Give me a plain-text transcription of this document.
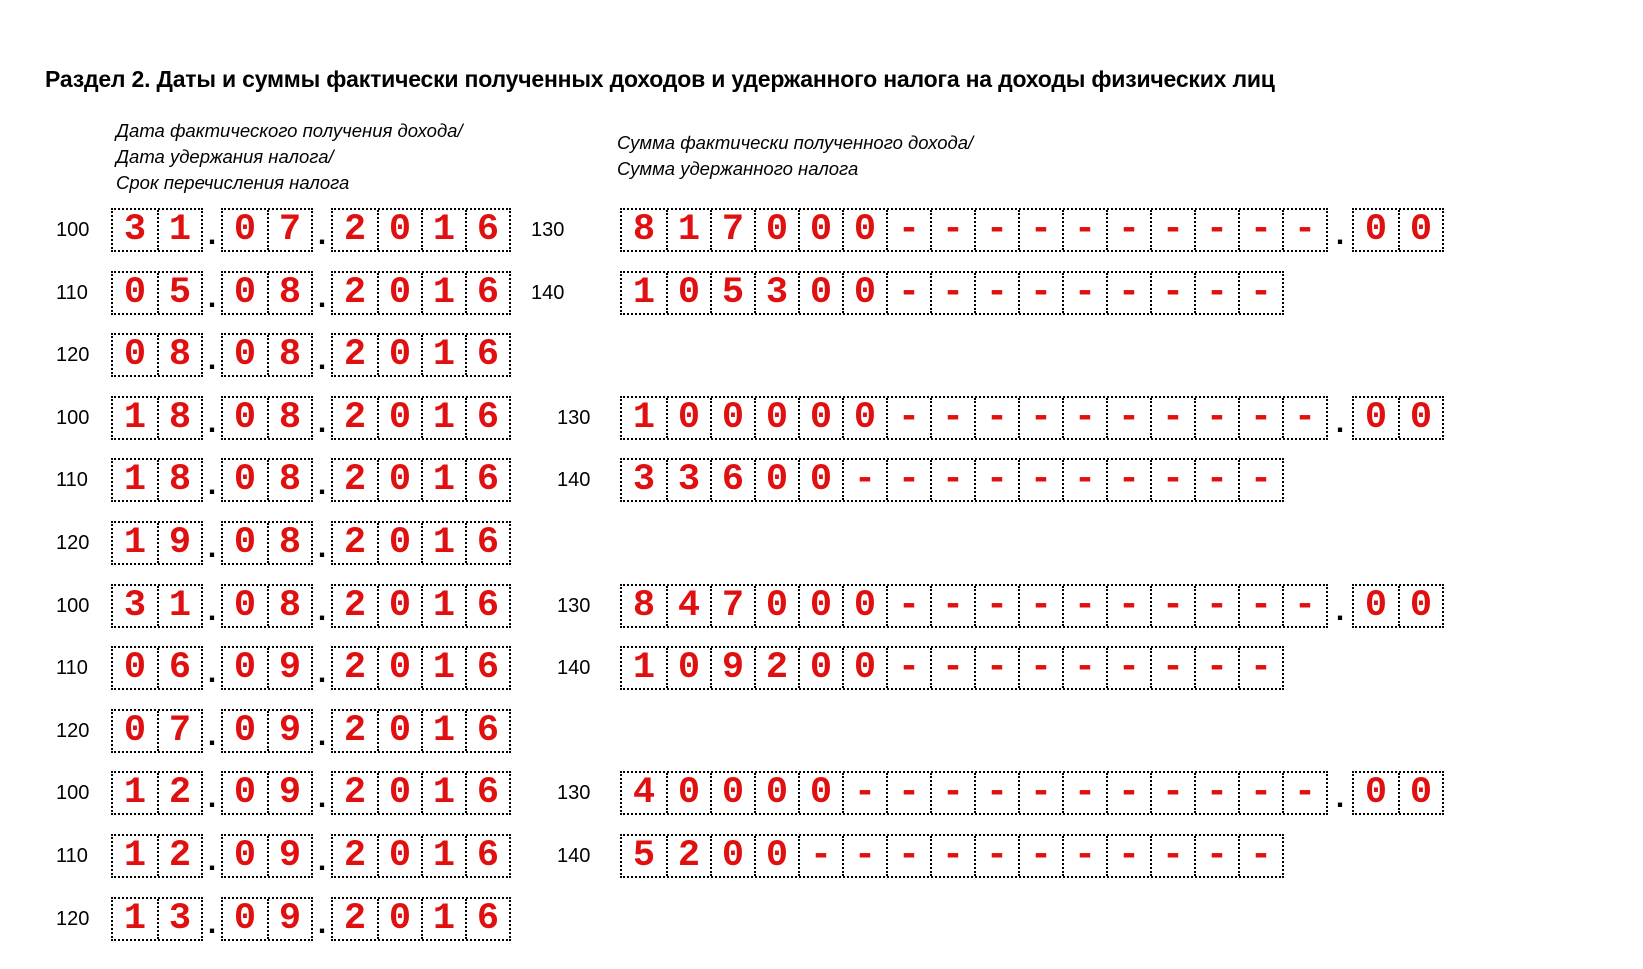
Раздел 2. Даты и суммы фактически полученных доходов и удержанного налога на доходы физических лиц
Дата фактического получения дохода/
Дата удержания налога/
Срок перечисления налога
Сумма фактически полученного дохода/
Сумма удержанного налога
100 3 1 . 0 7 . 2 0 1 6	130 8 1 7 0 0 0 - - - - - - - - - - . 0 0
110 0 5 . 0 8 . 2 0 1 6	140 1 0 5 3 0 0 - - - - - - - - -
120 0 8 . 0 8 . 2 0 1 6
100 1 8 . 0 8 . 2 0 1 6	130 1 0 0 0 0 0 - - - - - - - - - - . 0 0
110 1 8 . 0 8 . 2 0 1 6	140 3 3 6 0 0 - - - - - - - - - -
120 1 9 . 0 8 . 2 0 1 6
100 3 1 . 0 8 . 2 0 1 6	130 8 4 7 0 0 0 - - - - - - - - - - . 0 0
110 0 6 . 0 9 . 2 0 1 6	140 1 0 9 2 0 0 - - - - - - - - -
120 0 7 . 0 9 . 2 0 1 6
100 1 2 . 0 9 . 2 0 1 6	130 4 0 0 0 0 - - - - - - - - - - - . 0 0
110 1 2 . 0 9 . 2 0 1 6	140 5 2 0 0 - - - - - - - - - - -
120 1 3 . 0 9 . 2 0 1 6
